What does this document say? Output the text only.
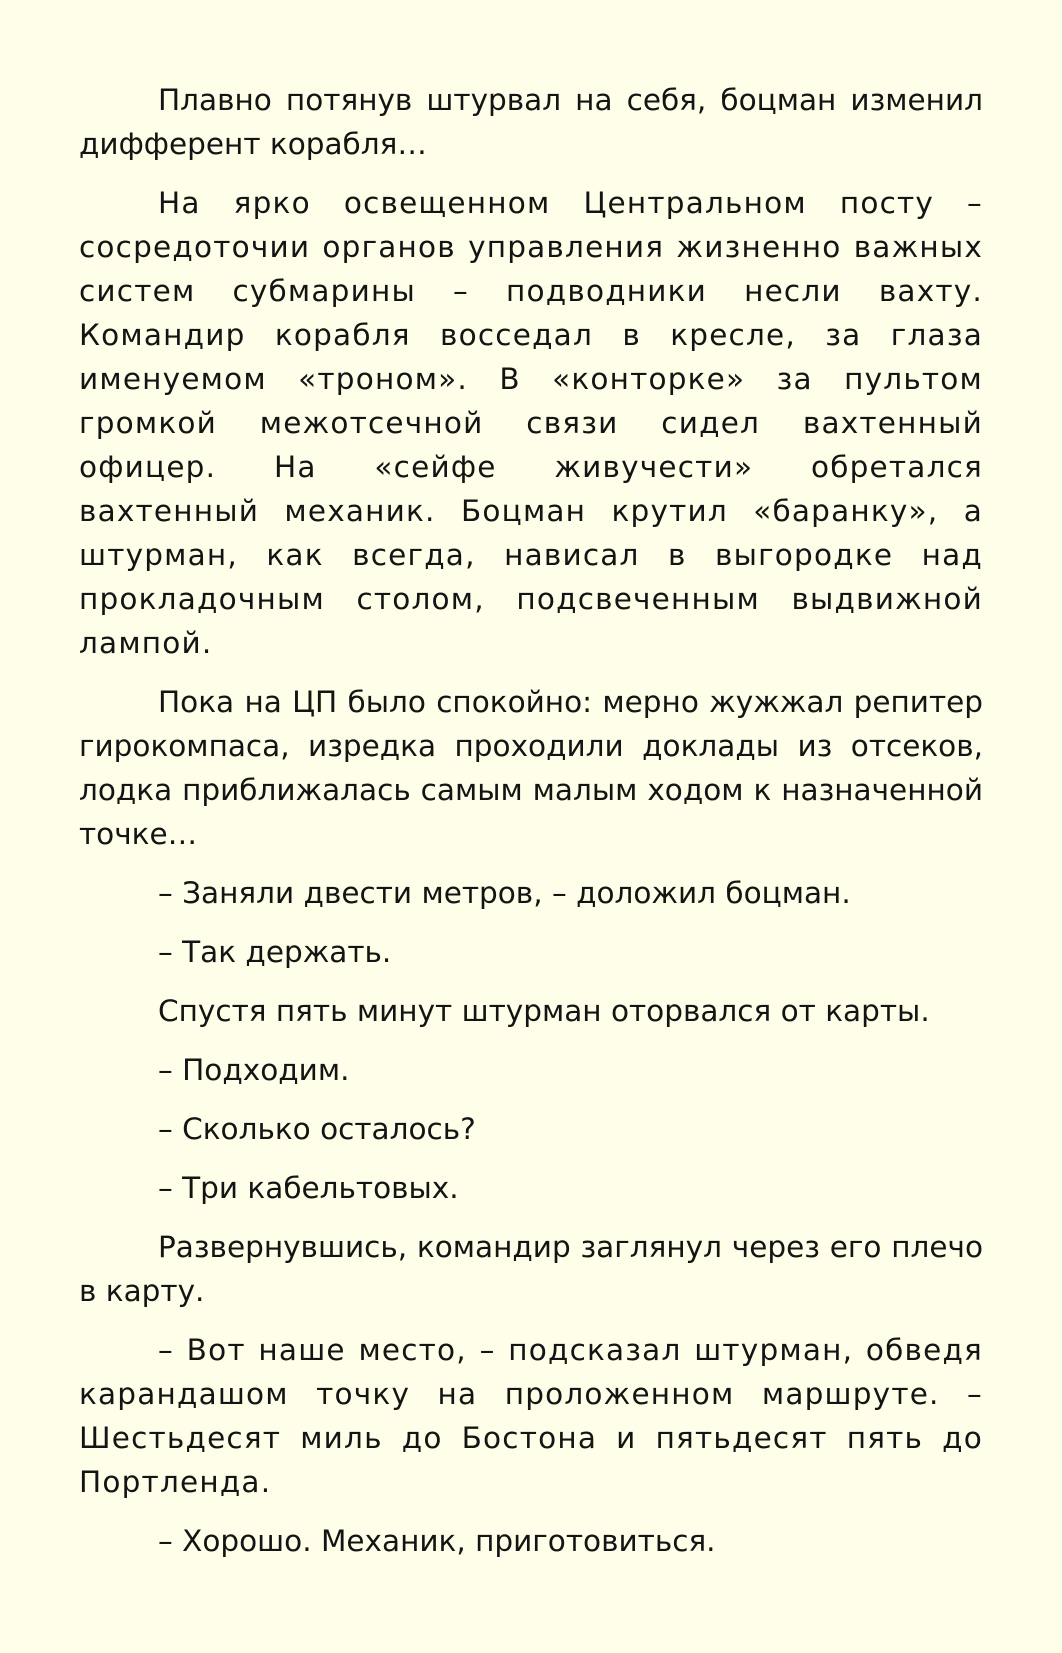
Плавно потянув штурвал на себя, боцман изменил дифферент корабля…

На ярко освещенном Центральном посту – сосредоточии органов управления жизненно важных систем субмарины – подводники несли вахту. Командир корабля восседал в кресле, за глаза именуемом «троном». В «конторке» за пультом громкой межотсечной связи сидел вахтенный офицер. На «сейфе живучести» обретался вахтенный механик. Боцман крутил «баранку», а штурман, как всегда, нависал в выгородке над прокладочным столом, подсвеченным выдвижной лампой.

Пока на ЦП было спокойно: мерно жужжал репитер гирокомпаса, изредка проходили доклады из отсеков, лодка приближалась самым малым ходом к назначенной точке…

– Заняли двести метров, – доложил боцман.

– Так держать.

Спустя пять минут штурман оторвался от карты.

– Подходим.

– Сколько осталось?

– Три кабельтовых.

Развернувшись, командир заглянул через его плечо в карту.

– Вот наше место, – подсказал штурман, обведя карандашом точку на проложенном маршруте. – Шестьдесят миль до Бостона и пятьдесят пять до Портленда.

– Хорошо. Механик, приготовиться.
